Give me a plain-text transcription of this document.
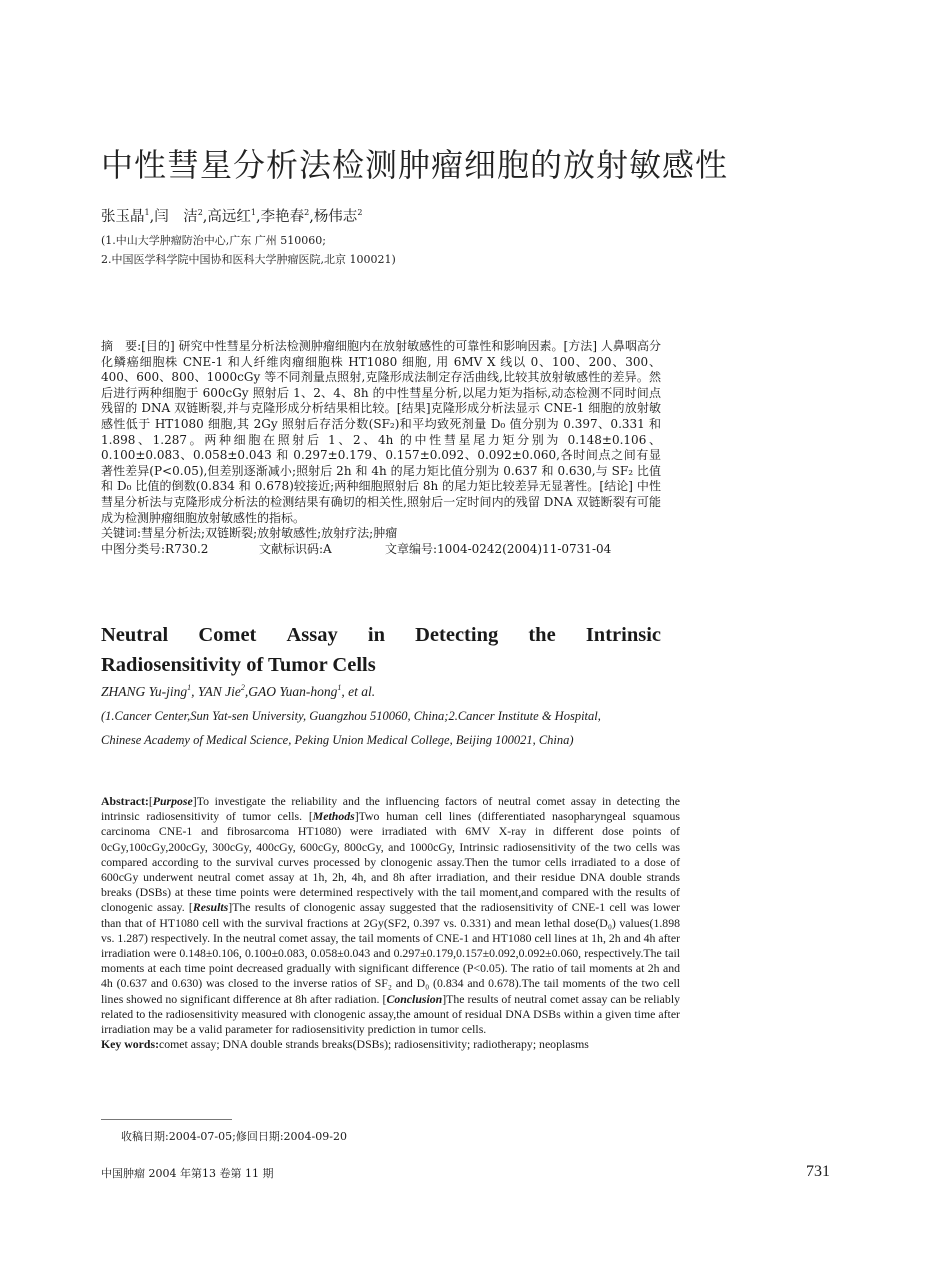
中性彗星分析法检测肿瘤细胞的放射敏感性
张玉晶$^1$,闫　洁$^2$,高远红$^1$,李艳春$^2$,杨伟志$^2$
(1.中山大学肿瘤防治中心,广东 广州 510060;
2.中国医学科学院中国协和医科大学肿瘤医院,北京 100021)

摘　要:[目的] 研究中性彗星分析法检测肿瘤细胞内在放射敏感性的可靠性和影响因素。[方法] 人鼻咽高分化鳞癌细胞株 CNE-1 和人纤维肉瘤细胞株 HT1080 细胞, 用 6MV X 线以 0、100、200、300、400、600、800、1000cGy 等不同剂量点照射,克隆形成法制定存活曲线,比较其放射敏感性的差异。然后进行两种细胞于 600cGy 照射后 1、2、4、8h 的中性彗星分析,以尾力矩为指标,动态检测不同时间点残留的 DNA 双链断裂,并与克隆形成分析结果相比较。[结果]克隆形成分析法显示 CNE-1 细胞的放射敏感性低于 HT1080 细胞,其 2Gy 照射后存活分数(SF₂)和平均致死剂量 D₀ 值分别为 0.397、0.331 和 1.898、1.287。两种细胞在照射后 1、2、4h 的中性彗星尾力矩分别为 0.148±0.106、0.100±0.083、0.058±0.043 和 0.297±0.179、0.157±0.092、0.092±0.060,各时间点之间有显著性差异(P<0.05),但差别逐渐减小;照射后 2h 和 4h 的尾力矩比值分别为 0.637 和 0.630,与 SF₂ 比值和 D₀ 比值的倒数(0.834 和 0.678)较接近;两种细胞照射后 8h 的尾力矩比较差异无显著性。[结论] 中性彗星分析法与克隆形成分析法的检测结果有确切的相关性,照射后一定时间内的残留 DNA 双链断裂有可能成为检测肿瘤细胞放射敏感性的指标。

关键词:彗星分析法;双链断裂;放射敏感性;放射疗法;肿瘤

中图分类号:R730.2	文献标识码:A	文章编号:1004-0242(2004)11-0731-04
Neutral Comet Assay in Detecting the Intrinsic
Radiosensitivity of Tumor Cells
ZHANG Yu-jing$^1$, YAN Jie$^2$,GAO Yuan-hong$^1$, et al.
(1.Cancer Center,Sun Yat-sen University, Guangzhou 510060, China;2.Cancer Institute & Hospital,
Chinese Academy of Medical Science, Peking Union Medical College, Beijing 100021, China)

Abstract:[Purpose]To investigate the reliability and the influencing factors of neutral comet assay in detecting the intrinsic radiosensitivity of tumor cells. [Methods]Two human cell lines (differentiated nasopharyngeal squamous carcinoma CNE-1 and fibrosarcoma HT1080) were irradiated with 6MV X-ray in different dose points of 0cGy,100cGy,200cGy, 300cGy, 400cGy, 600cGy, 800cGy, and 1000cGy, Intrinsic radiosensitivity of the two cells was compared according to the survival curves processed by clonogenic assay.Then the tumor cells irradiated to a dose of 600cGy underwent neutral comet assay at 1h, 2h, 4h, and 8h after irradiation, and their residue DNA double strands breaks (DSBs) at these time points were determined respectively with the tail moment,and compared with the results of clonogenic assay. [Results]The results of clonogenic assay suggested that the radiosensitivity of CNE-1 cell was lower than that of HT1080 cell with the survival fractions at 2Gy(SF2, 0.397 vs. 0.331) and mean lethal dose(D₀) values(1.898 vs. 1.287) respectively. In the neutral comet assay, the tail moments of CNE-1 and HT1080 cell lines at 1h, 2h and 4h after irradiation were 0.148±0.106, 0.100±0.083, 0.058±0.043 and 0.297±0.179,0.157±0.092,0.092±0.060, respectively.The tail moments at each time point decreased gradually with significant difference (P<0.05). The ratio of tail moments at 2h and 4h (0.637 and 0.630) was closed to the inverse ratios of SF₂ and D₀ (0.834 and 0.678).The tail moments of the two cell lines showed no significant difference at 8h after radiation. [Conclusion]The results of neutral comet assay can be reliably related to the radiosensitivity measured with clonogenic assay,the amount of residual DNA DSBs within a given time after irradiation may be a valid parameter for radiosensitivity prediction in tumor cells.

Key words:comet assay; DNA double strands breaks(DSBs); radiosensitivity; radiotherapy; neoplasms

收稿日期:2004-07-05;修回日期:2004-09-20
中国肿瘤 2004 年第13 卷第 11 期	731
